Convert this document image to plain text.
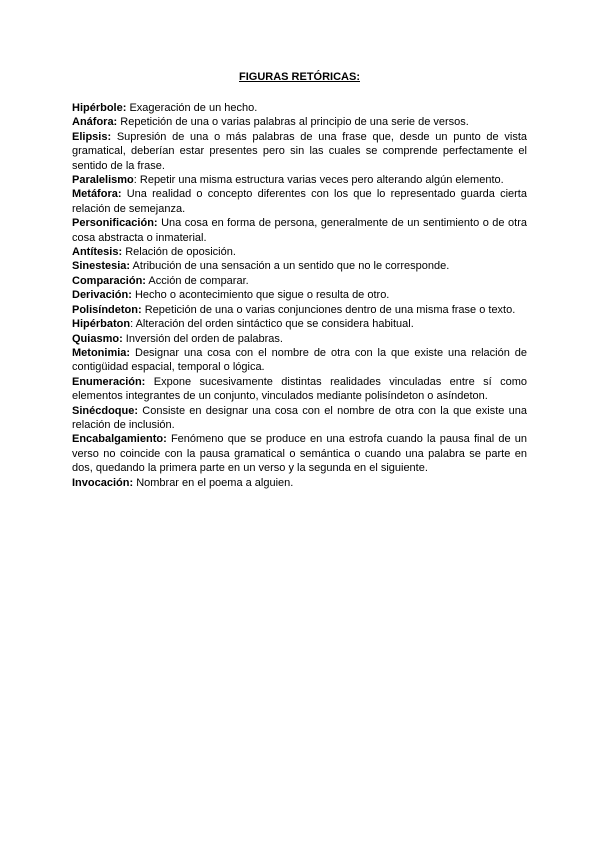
FIGURAS RETÓRICAS:

Hipérbole: Exageración de un hecho.

Anáfora: Repetición de una o varias palabras al principio de una serie de versos.

Elipsis: Supresión de una o más palabras de una frase que, desde un punto de vista gramatical, deberían estar presentes pero sin las cuales se comprende perfectamente el sentido de la frase.

Paralelismo: Repetir una misma estructura varias veces pero alterando algún elemento.

Metáfora: Una realidad o concepto diferentes con los que lo representado guarda cierta relación de semejanza.

Personificación: Una cosa en forma de persona, generalmente de un sentimiento o de otra cosa abstracta o inmaterial.

Antítesis: Relación de oposición.

Sinestesia: Atribución de una sensación a un sentido que no le corresponde.

Comparación: Acción de comparar.

Derivación: Hecho o acontecimiento que sigue o resulta de otro.

Polisíndeton: Repetición de una o varias conjunciones dentro de una misma frase o texto.

Hipérbaton: Alteración del orden sintáctico que se considera habitual.

Quiasmo: Inversión del orden de palabras.

Metonimia: Designar una cosa con el nombre de otra con la que existe una relación de contigüidad espacial, temporal o lógica.

Enumeración: Expone sucesivamente distintas realidades vinculadas entre sí como elementos integrantes de un conjunto, vinculados mediante polisíndeton o asíndeton.

Sinécdoque: Consiste en designar una cosa con el nombre de otra con la que existe una relación de inclusión.

Encabalgamiento: Fenómeno que se produce en una estrofa cuando la pausa final de un verso no coincide con la pausa gramatical o semántica o cuando una palabra se parte en dos, quedando la primera parte en un verso y la segunda en el siguiente.

Invocación: Nombrar en el poema a alguien.
